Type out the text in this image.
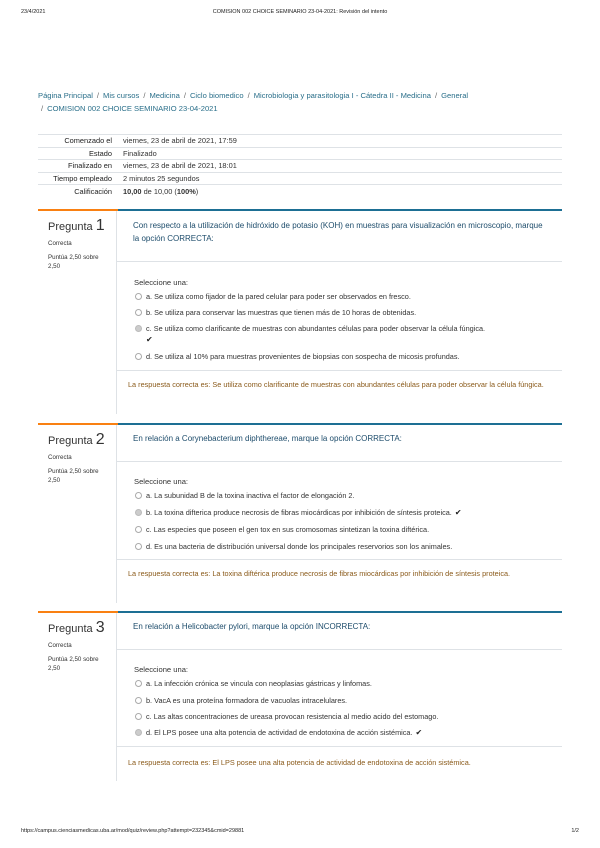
23/4/2021	COMISION 002 CHOICE SEMINARIO 23-04-2021: Revisión del intento
Página Principal / Mis cursos / Medicina / Ciclo biomedico / Microbiologia y parasitologia I - Cátedra II - Medicina / General
/ COMISION 002 CHOICE SEMINARIO 23-04-2021
Comenzado el	viernes, 23 de abril de 2021, 17:59
Estado	Finalizado
Finalizado en	viernes, 23 de abril de 2021, 18:01
Tiempo empleado	2 minutos 25 segundos
Calificación	10,00 de 10,00 (100%)
Pregunta 1
Correcta
Puntúa 2,50 sobre 2,50
Con respecto a la utilización de hidróxido de potasio (KOH) en muestras para visualización en microscopio, marque la opción CORRECTA:
Seleccione una:
a. Se utiliza como fijador de la pared celular para poder ser observados en fresco.
b. Se utiliza para conservar las muestras que tienen más de 10 horas de obtenidas.
c. Se utiliza como clarificante de muestras con abundantes células para poder observar la célula fúngica.
✔
d. Se utiliza al 10% para muestras provenientes de biopsias con sospecha de micosis profundas.
La respuesta correcta es: Se utiliza como clarificante de muestras con abundantes células para poder observar la célula fúngica.
Pregunta 2
Correcta
Puntúa 2,50 sobre 2,50
En relación a Corynebacterium diphthereae, marque la opción CORRECTA:
Seleccione una:
a. La subunidad B de la toxina inactiva el factor de elongación 2.
b. La toxina difterica produce necrosis de fibras miocárdicas por inhibición de síntesis proteica. ✔
c. Las especies que poseen el gen tox en sus cromosomas sintetizan la toxina diftérica.
d. Es una bacteria de distribución universal donde los principales reservorios son los animales.
La respuesta correcta es: La toxina diftérica produce necrosis de fibras miocárdicas por inhibición de síntesis proteica.
Pregunta 3
Correcta
Puntúa 2,50 sobre 2,50
En relación a Helicobacter pylori, marque la opción INCORRECTA:
Seleccione una:
a. La infección crónica se vincula con neoplasias gástricas y linfomas.
b. VacA es una proteína formadora de vacuolas intracelulares.
c. Las altas concentraciones de ureasa provocan resistencia al medio acido del estomago.
d. El LPS posee una alta potencia de actividad de endotoxina de acción sistémica. ✔
La respuesta correcta es: El LPS posee una alta potencia de actividad de endotoxina de acción sistémica.
https://campus.cienciasmedicas.uba.ar/mod/quiz/review.php?attempt=232345&cmid=29881	1/2
